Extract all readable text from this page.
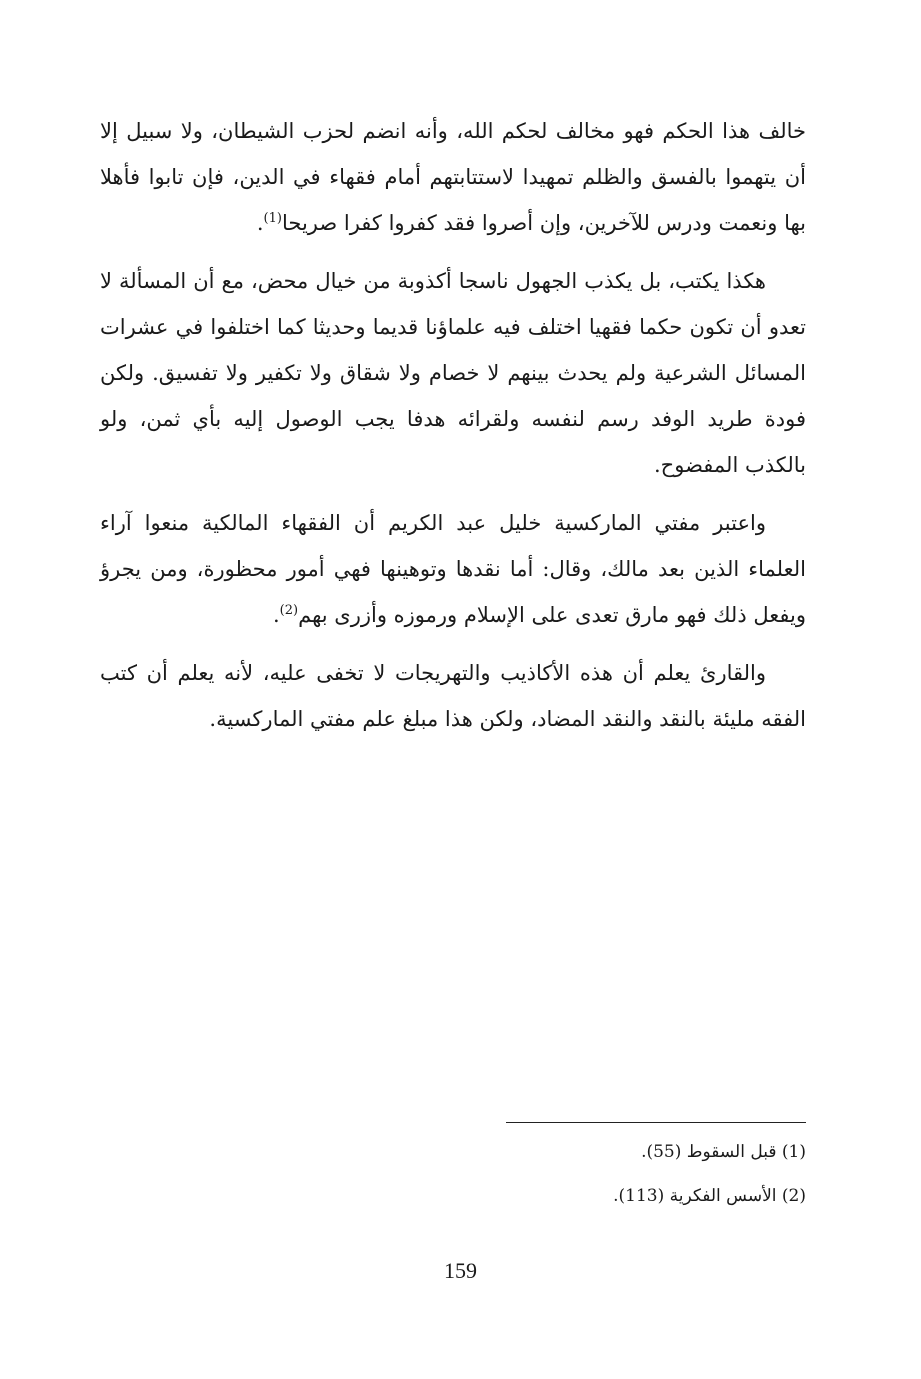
خالف هذا الحكم فهو مخالف لحكم الله، وأنه انضم لحزب الشيطان، ولا سبيل إلا أن يتهموا بالفسق والظلم تمهيدا لاستتابتهم أمام فقهاء في الدين، فإن تابوا فأهلا بها ونعمت ودرس للآخرين، وإن أصروا فقد كفروا كفرا صريحا$^{(1)}$.

هكذا يكتب، بل يكذب الجهول ناسجا أكذوبة من خيال محض، مع أن المسألة لا تعدو أن تكون حكما فقهيا اختلف فيه علماؤنا قديما وحديثا كما اختلفوا في عشرات المسائل الشرعية ولم يحدث بينهم لا خصام ولا شقاق ولا تكفير ولا تفسيق. ولكن فودة طريد الوفد رسم لنفسه ولقرائه هدفا يجب الوصول إليه بأي ثمن، ولو بالكذب المفضوح.

واعتبر مفتي الماركسية خليل عبد الكريم أن الفقهاء المالكية منعوا آراء العلماء الذين بعد مالك، وقال: أما نقدها وتوهينها فهي أمور محظورة، ومن يجرؤ ويفعل ذلك فهو مارق تعدى على الإسلام ورموزه وأزرى بهم$^{(2)}$.

والقارئ يعلم أن هذه الأكاذيب والتهريجات لا تخفى عليه، لأنه يعلم أن كتب الفقه مليئة بالنقد والنقد المضاد، ولكن هذا مبلغ علم مفتي الماركسية.

(1) قبل السقوط (55).

(2) الأسس الفكرية (113).

159
